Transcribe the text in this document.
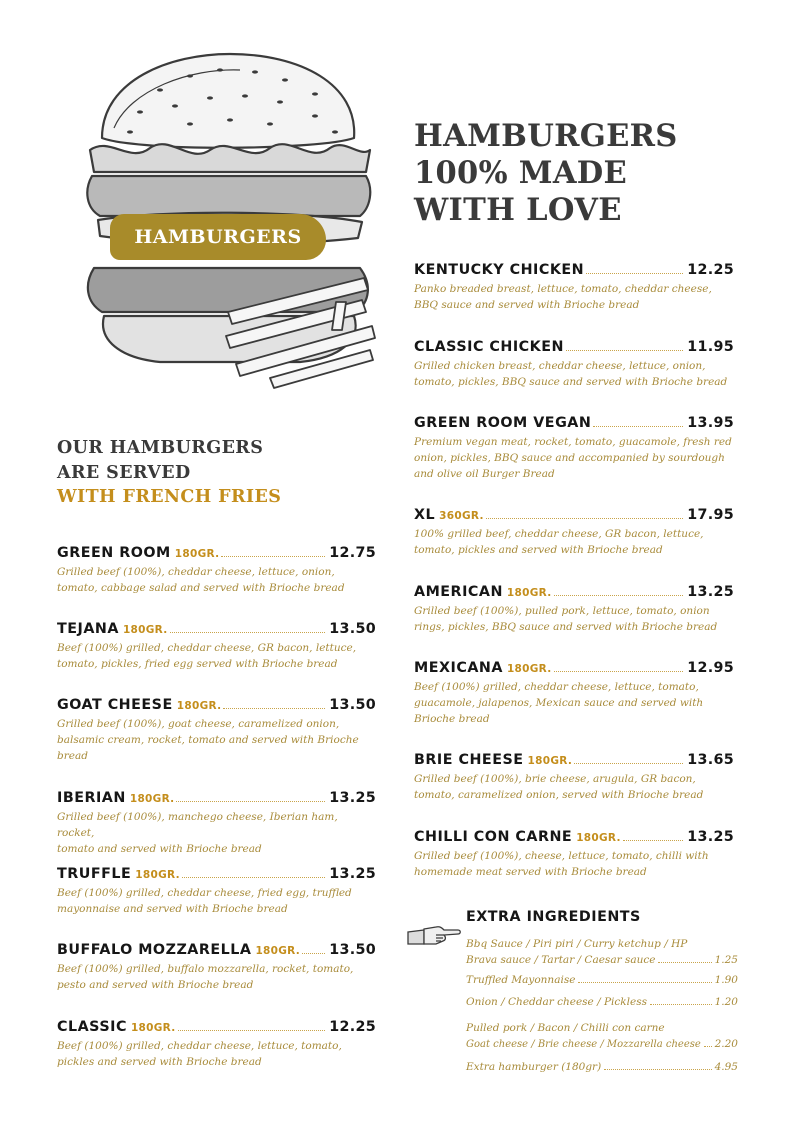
HAMBURGERS
HAMBURGERS
100% MADE
WITH LOVE
OUR HAMBURGERS
ARE SERVED
WITH FRENCH FRIES
GREEN ROOM 180GR.	12.75
Grilled beef (100%), cheddar cheese, lettuce, onion,
tomato, cabbage salad and served with Brioche bread
TEJANA 180GR.	13.50
Beef (100%) grilled, cheddar cheese, GR bacon, lettuce,
tomato, pickles, fried egg served with Brioche bread
GOAT CHEESE 180GR.	13.50
Grilled beef (100%), goat cheese, caramelized onion,
balsamic cream, rocket, tomato and served with Brioche
bread
IBERIAN 180GR.	13.25
Grilled beef (100%), manchego cheese, Iberian ham, rocket,
tomato and served with Brioche bread
TRUFFLE 180GR.	13.25
Beef (100%) grilled, cheddar cheese, fried egg, truffled
mayonnaise and served with Brioche bread
BUFFALO MOZZARELLA 180GR. 13.50
Beef (100%) grilled, buffalo mozzarella, rocket, tomato,
pesto and served with Brioche bread
CLASSIC 180GR.	12.25
Beef (100%) grilled, cheddar cheese, lettuce, tomato,
pickles and served with Brioche bread
KENTUCKY CHICKEN	12.25
Panko breaded breast, lettuce, tomato, cheddar cheese,
BBQ sauce and served with Brioche bread
CLASSIC CHICKEN	11.95
Grilled chicken breast, cheddar cheese, lettuce, onion,
tomato, pickles, BBQ sauce and served with Brioche bread
GREEN ROOM VEGAN	13.95
Premium vegan meat, rocket, tomato, guacamole, fresh red
onion, pickles, BBQ sauce and accompanied by sourdough
and olive oil Burger Bread
XL 360GR.	17.95
100% grilled beef, cheddar cheese, GR bacon, lettuce,
tomato, pickles and served with Brioche bread
AMERICAN 180GR.	13.25
Grilled beef (100%), pulled pork, lettuce, tomato, onion
rings, pickles, BBQ sauce and served with Brioche bread
MEXICANA 180GR.	12.95
Beef (100%) grilled, cheddar cheese, lettuce, tomato,
guacamole, jalapenos, Mexican sauce and served with
Brioche bread
BRIE CHEESE 180GR.	13.65
Grilled beef (100%), brie cheese, arugula, GR bacon,
tomato, caramelized onion, served with Brioche bread
CHILLI CON CARNE 180GR.	13.25
Grilled beef (100%), cheese, lettuce, tomato, chilli with
homemade meat served with Brioche bread
EXTRA INGREDIENTS
Bbq Sauce / Piri piri / Curry ketchup / HP
Brava sauce / Tartar / Caesar sauce	1.25
Truffled Mayonnaise	1.90
Onion / Cheddar cheese / Pickless	1.20
Pulled pork / Bacon / Chilli con carne
Goat cheese / Brie cheese / Mozzarella cheese 2.20
Extra hamburger (180gr)	4.95
